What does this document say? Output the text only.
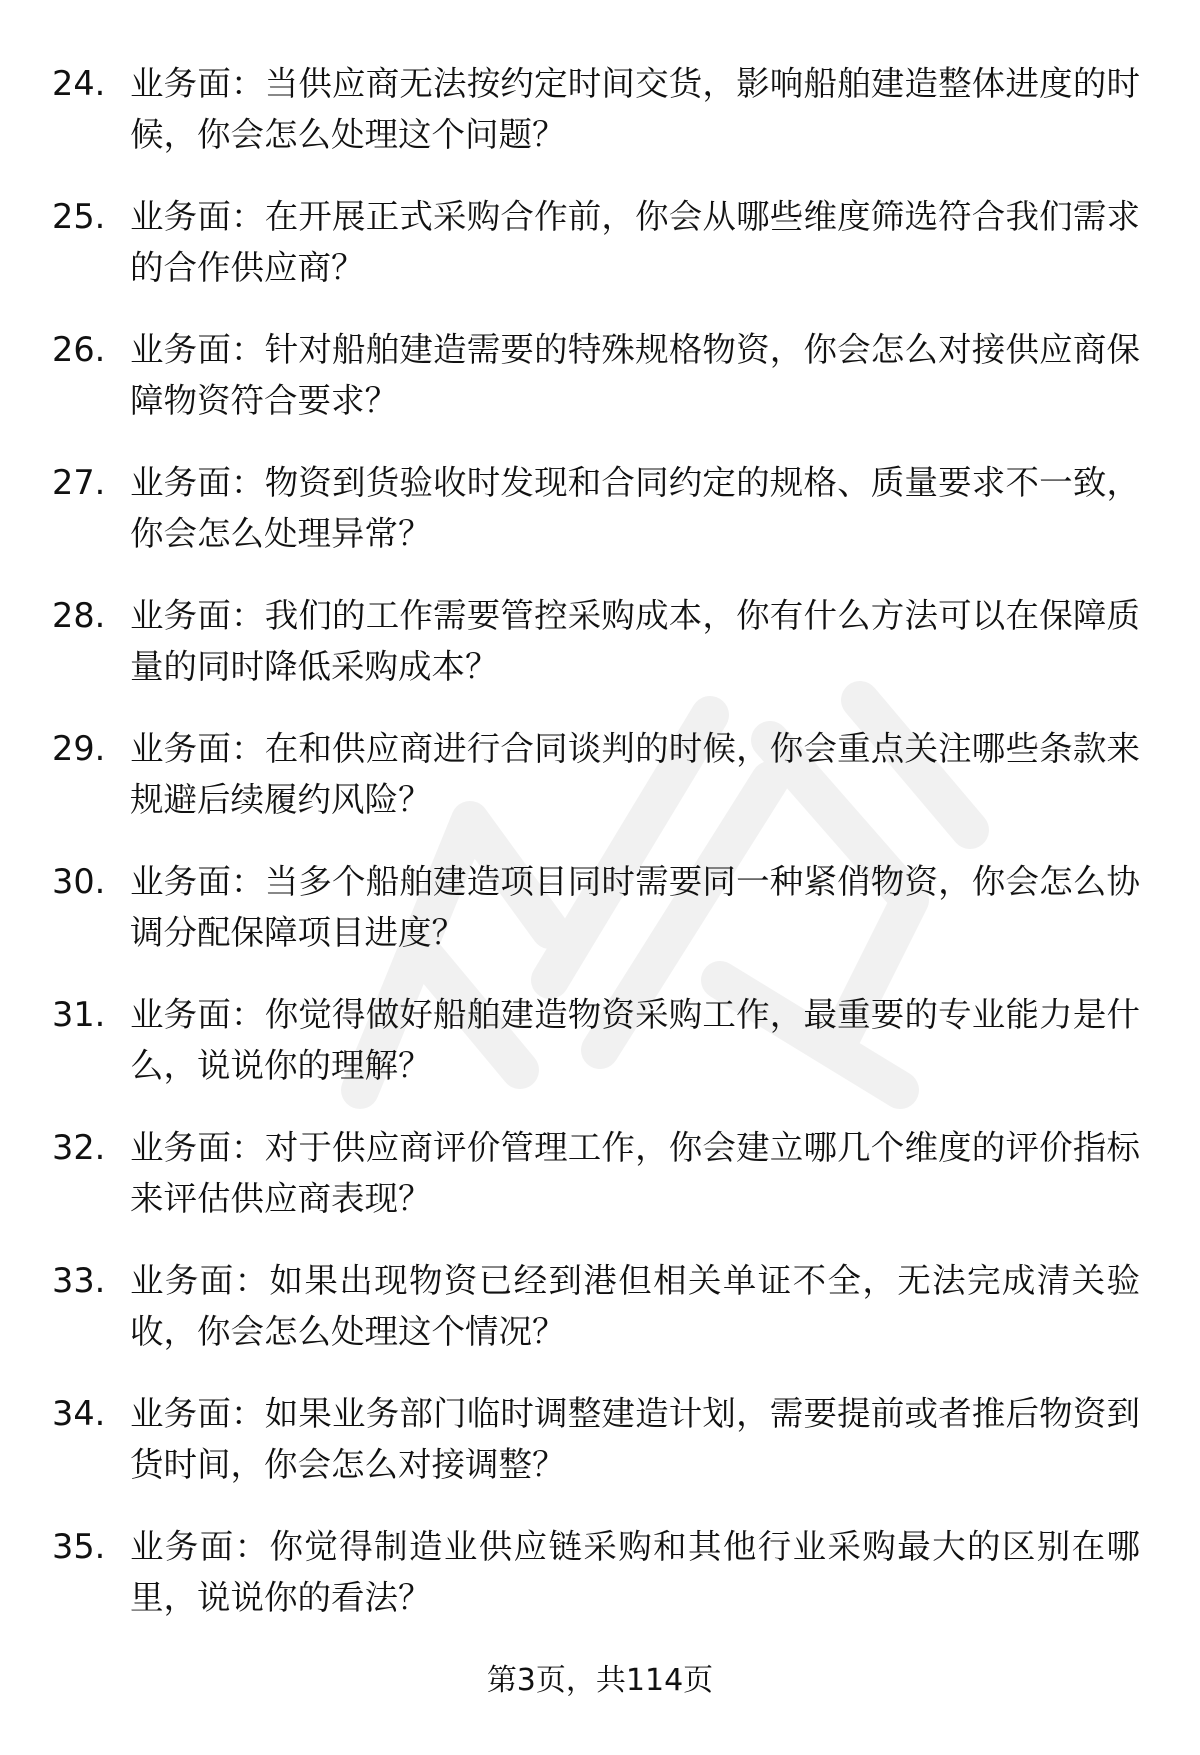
24. 业务面：当供应商无法按约定时间交货，影响船舶建造整体进度的时候，你会怎么处理这个问题？
25. 业务面：在开展正式采购合作前，你会从哪些维度筛选符合我们需求的合作供应商？
26. 业务面：针对船舶建造需要的特殊规格物资，你会怎么对接供应商保障物资符合要求？
27. 业务面：物资到货验收时发现和合同约定的规格、质量要求不一致，你会怎么处理异常？
28. 业务面：我们的工作需要管控采购成本，你有什么方法可以在保障质量的同时降低采购成本？
29. 业务面：在和供应商进行合同谈判的时候，你会重点关注哪些条款来规避后续履约风险？
30. 业务面：当多个船舶建造项目同时需要同一种紧俏物资，你会怎么协调分配保障项目进度？
31. 业务面：你觉得做好船舶建造物资采购工作，最重要的专业能力是什么，说说你的理解？
32. 业务面：对于供应商评价管理工作，你会建立哪几个维度的评价指标来评估供应商表现？
33. 业务面：如果出现物资已经到港但相关单证不全，无法完成清关验收，你会怎么处理这个情况？
34. 业务面：如果业务部门临时调整建造计划，需要提前或者推后物资到货时间，你会怎么对接调整？
35. 业务面：你觉得制造业供应链采购和其他行业采购最大的区别在哪里，说说你的看法？
第3页，共114页
